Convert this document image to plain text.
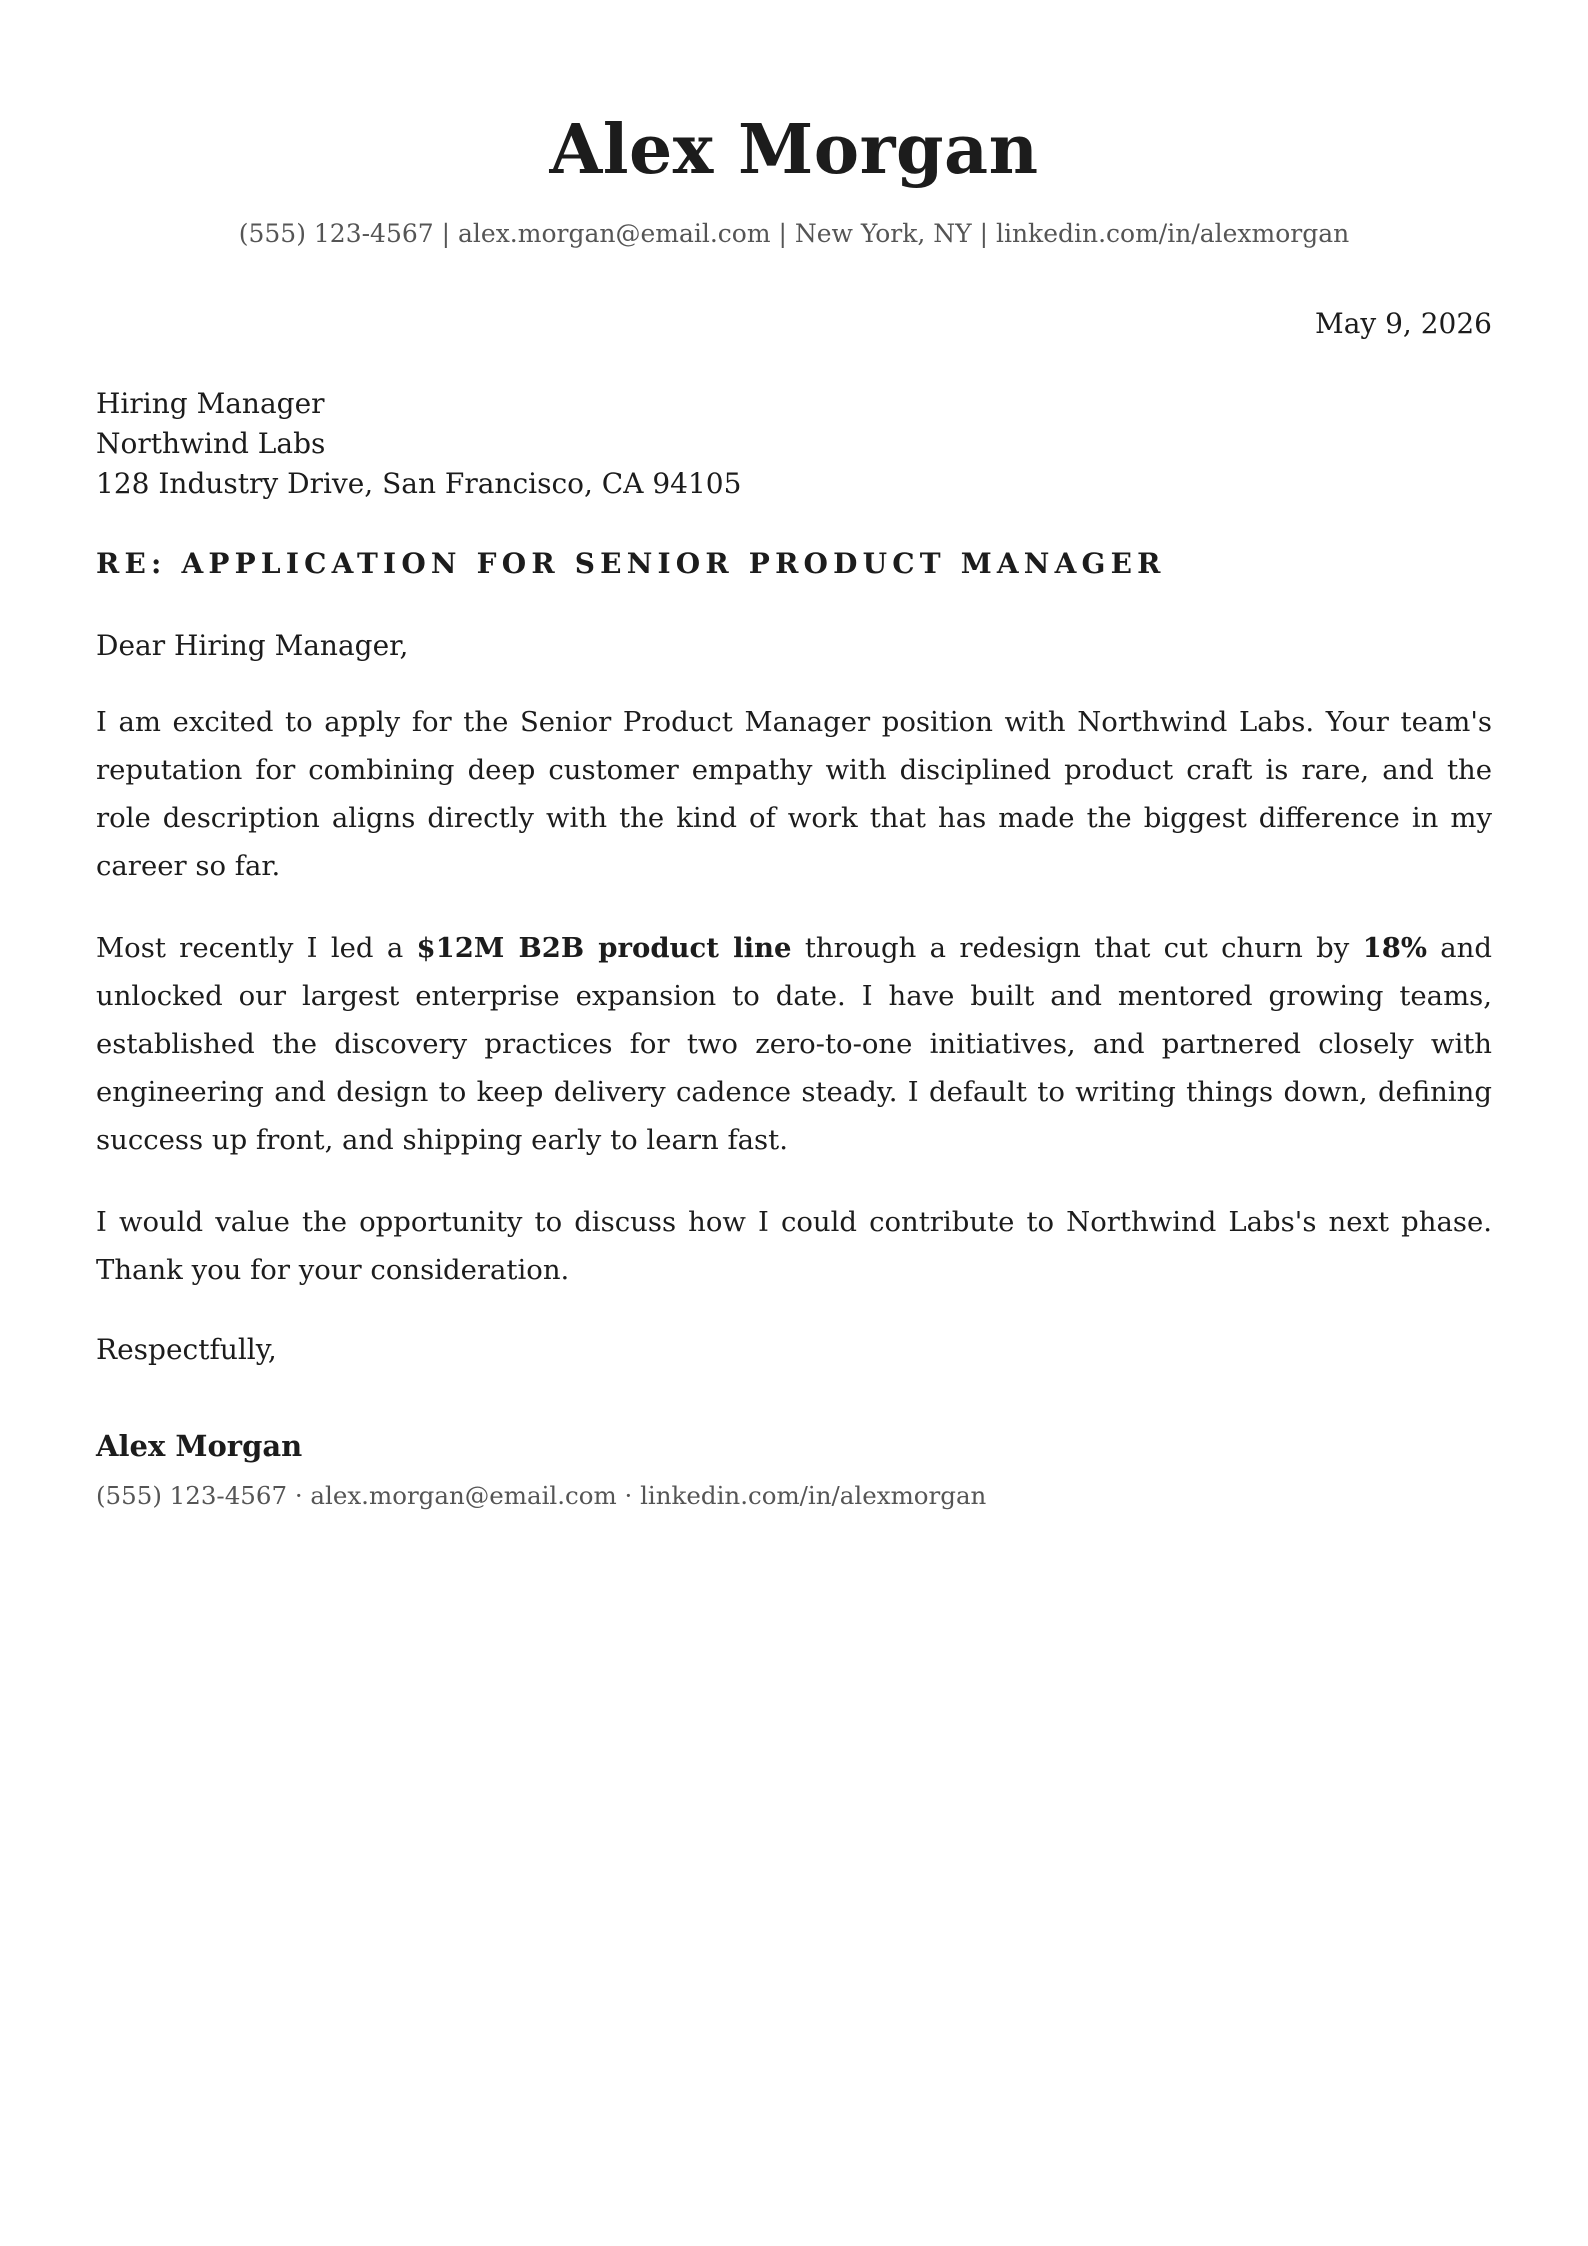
Alex Morgan
(555) 123-4567 | alex.morgan@email.com | New York, NY | linkedin.com/in/alexmorgan
May 9, 2026
Hiring Manager
Northwind Labs
128 Industry Drive, San Francisco, CA 94105
RE: APPLICATION FOR SENIOR PRODUCT MANAGER
Dear Hiring Manager,
I am excited to apply for the Senior Product Manager position with Northwind Labs. Your team's reputation for combining deep customer empathy with disciplined product craft is rare, and the role description aligns directly with the kind of work that has made the biggest difference in my career so far.
Most recently I led a $12M B2B product line through a redesign that cut churn by 18% and unlocked our largest enterprise expansion to date. I have built and mentored growing teams, established the discovery practices for two zero-to-one initiatives, and partnered closely with engineering and design to keep delivery cadence steady. I default to writing things down, defining success up front, and shipping early to learn fast.
I would value the opportunity to discuss how I could contribute to Northwind Labs's next phase. Thank you for your consideration.
Respectfully,
Alex Morgan
(555) 123-4567 · alex.morgan@email.com · linkedin.com/in/alexmorgan
